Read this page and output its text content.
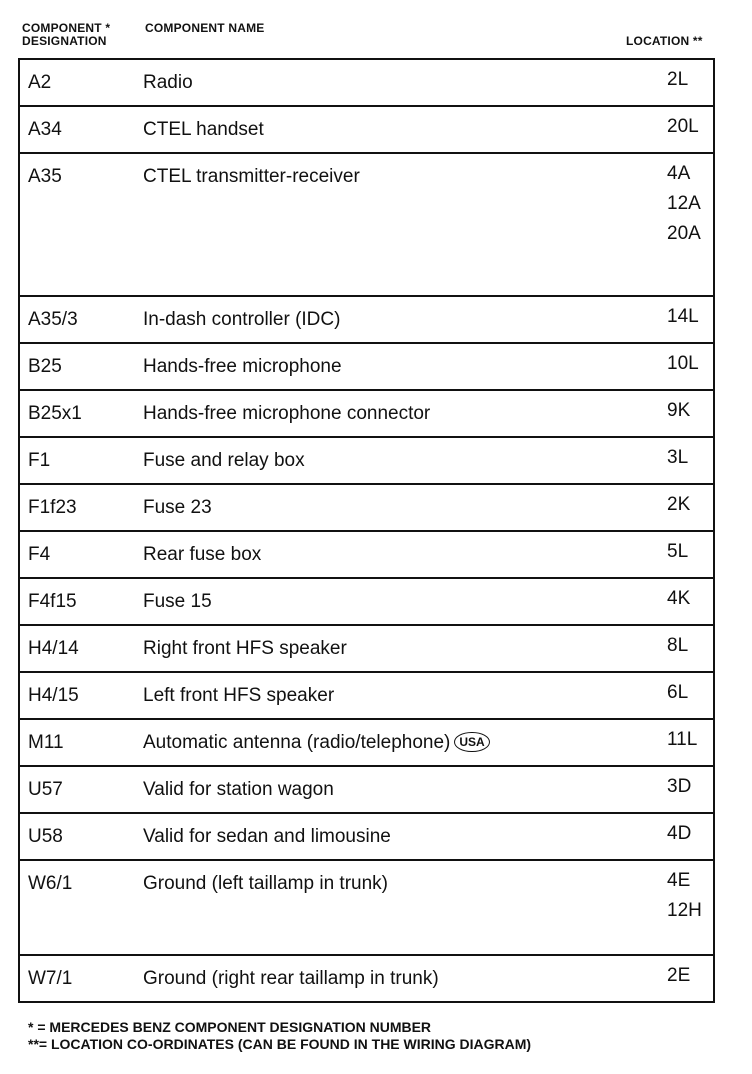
COMPONENT * DESIGNATION
COMPONENT NAME
LOCATION **
A2	Radio	2L
A34	CTEL handset	20L
A35	CTEL transmitter-receiver	4A
12A
20A
A35/3	In-dash controller (IDC)	14L
B25	Hands-free microphone	10L
B25x1	Hands-free microphone connector	9K
F1	Fuse and relay box	3L
F1f23	Fuse 23	2K
F4	Rear fuse box	5L
F4f15	Fuse 15	4K
H4/14	Right front HFS speaker	8L
H4/15	Left front HFS speaker	6L
M11	Automatic antenna (radio/telephone) USA	11L
U57	Valid for station wagon	3D
U58	Valid for sedan and limousine	4D
W6/1	Ground (left taillamp in trunk)	4E
12H
W7/1	Ground (right rear taillamp in trunk)	2E
* = MERCEDES BENZ COMPONENT DESIGNATION NUMBER
**= LOCATION CO-ORDINATES (CAN BE FOUND IN THE WIRING DIAGRAM)
